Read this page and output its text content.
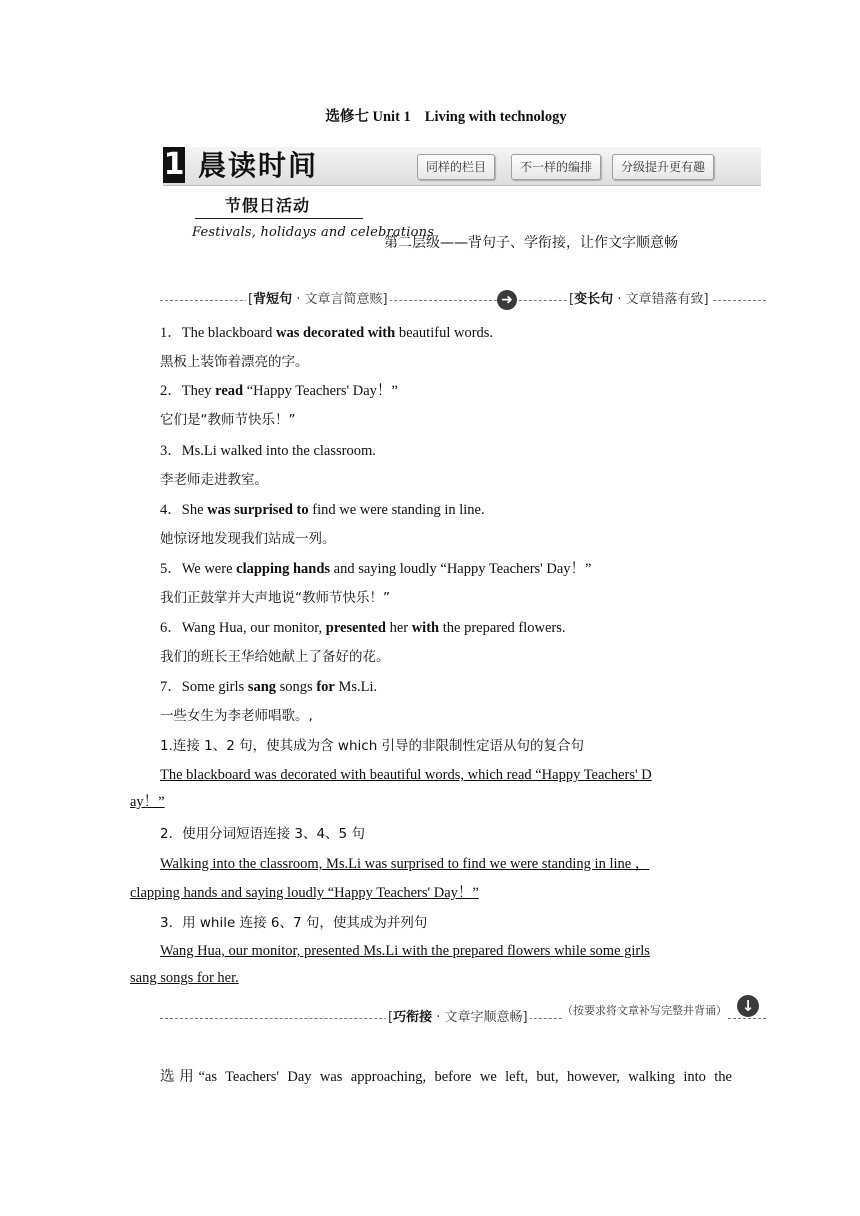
选修七 Unit 1 Living with technology
1 晨读时间	同样的栏目	不一样的编排	分级提升更有趣
节假日活动
Festivals, holidays and celebrations
第二层级——背句子、学衔接，让作文字顺意畅
[背短句 · 文章言简意赅]	➜	[变长句 · 文章错落有致]
1．The blackboard was decorated with beautiful words.
黑板上装饰着漂亮的字。
2．They read “Happy Teachers' Day！”
它们是“教师节快乐！”
3．Ms.Li walked into the classroom.
李老师走进教室。
4．She was surprised to find we were standing in line.
她惊讶地发现我们站成一列。
5．We were clapping hands and saying loudly “Happy Teachers' Day！”
我们正鼓掌并大声地说“教师节快乐！”
6．Wang Hua, our monitor, presented her with the prepared flowers.
我们的班长王华给她献上了备好的花。
7．Some girls sang songs for Ms.Li.
一些女生为李老师唱歌。,
1.连接 1、2 句，使其成为含 which 引导的非限制性定语从句的复合句
The blackboard was decorated with beautiful words, which read “Happy Teachers' D
ay！”
2．使用分词短语连接 3、4、5 句
Walking into the classroom, Ms.Li was surprised to find we were standing in line ，
clapping hands and saying loudly “Happy Teachers' Day！”
3．用 while 连接 6、7 句，使其成为并列句
Wang Hua, our monitor, presented Ms.Li with the prepared flowers while some girls
sang songs for her.
[巧衔接 · 文章字顺意畅]	（按要求将文章补写完整并背诵） ↓
选用“as Teachers' Day was approaching, before we left, but, however, walking into the
